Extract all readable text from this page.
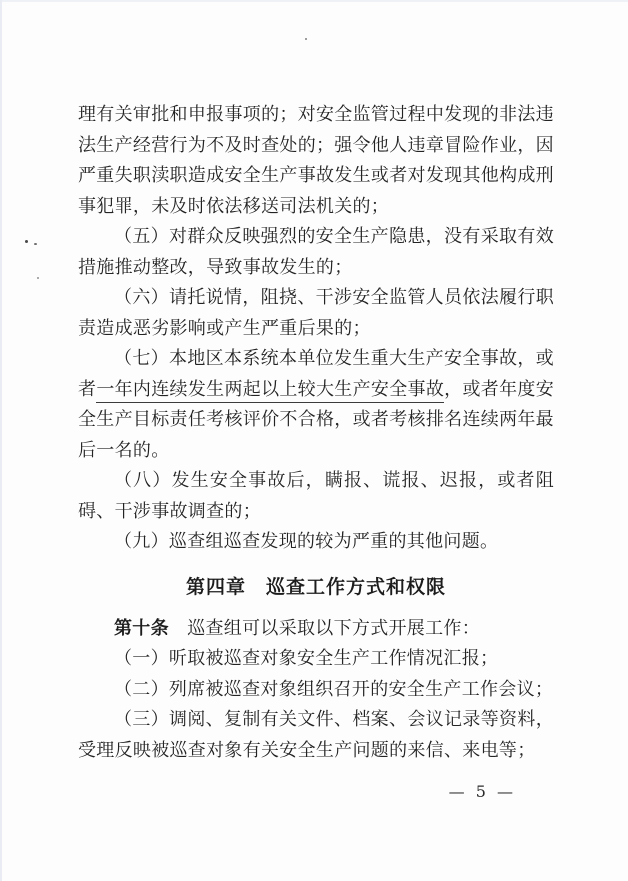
理有关审批和申报事项的；对安全监管过程中发现的非法违法生产经营行为不及时查处的；强令他人违章冒险作业，因严重失职渎职造成安全生产事故发生或者对发现其他构成刑事犯罪，未及时依法移送司法机关的；

（五）对群众反映强烈的安全生产隐患，没有采取有效措施推动整改，导致事故发生的；

（六）请托说情，阻挠、干涉安全监管人员依法履行职责造成恶劣影响或产生严重后果的；

（七）本地区本系统本单位发生重大生产安全事故，或者一年内连续发生两起以上较大生产安全事故，或者年度安全生产目标责任考核评价不合格，或者考核排名连续两年最后一名的。

（八）发生安全事故后，瞒报、谎报、迟报，或者阻碍、干涉事故调查的；

（九）巡查组巡查发现的较为严重的其他问题。

第四章　巡查工作方式和权限

第十条　巡查组可以采取以下方式开展工作：

（一）听取被巡查对象安全生产工作情况汇报；

（二）列席被巡查对象组织召开的安全生产工作会议；

（三）调阅、复制有关文件、档案、会议记录等资料，受理反映被巡查对象有关安全生产问题的来信、来电等；

— 5 —
